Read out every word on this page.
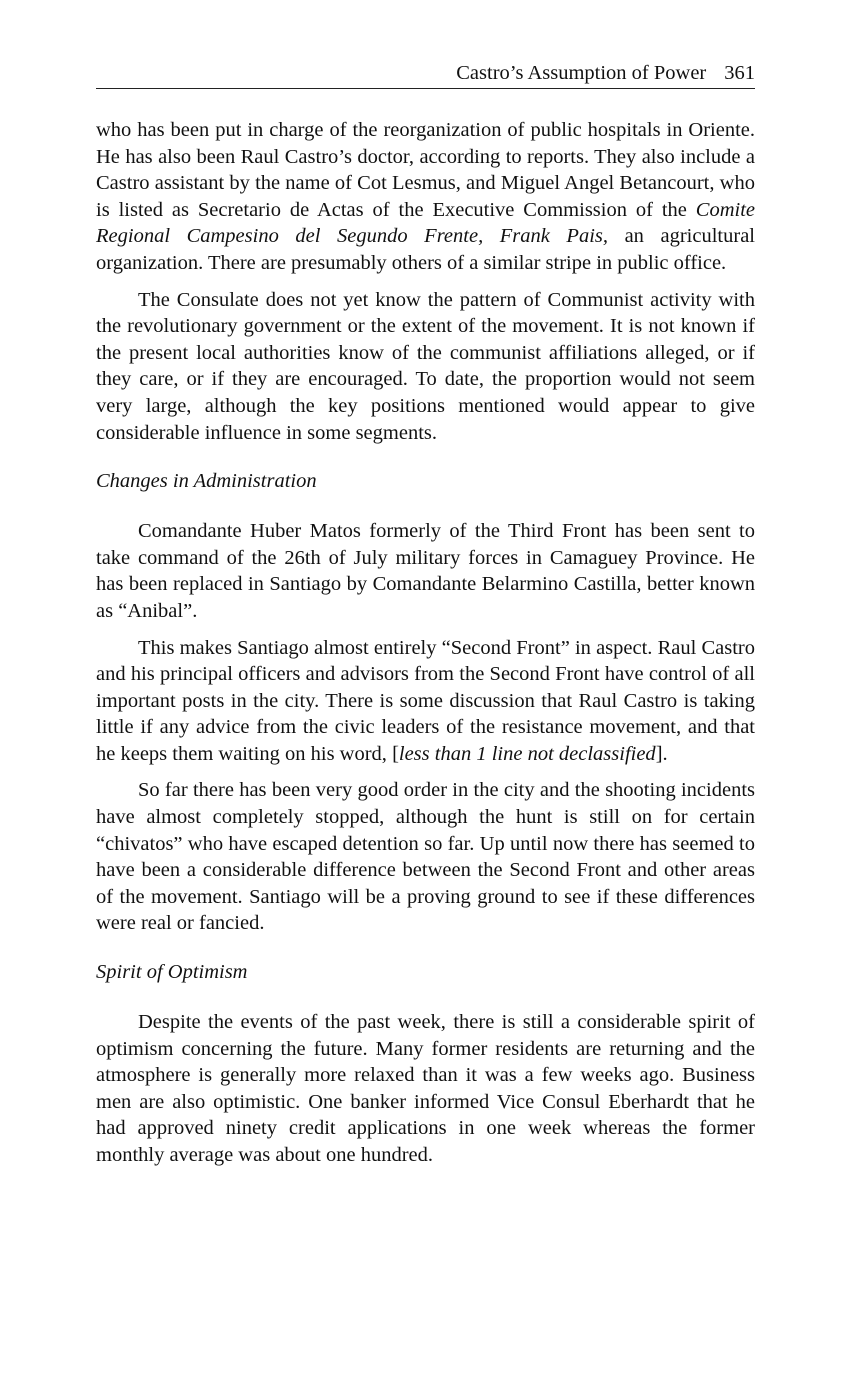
Castro’s Assumption of Power 361

who has been put in charge of the reorganization of public hospitals in Oriente. He has also been Raul Castro’s doctor, according to reports. They also include a Castro assistant by the name of Cot Lesmus, and Miguel Angel Betancourt, who is listed as Secretario de Actas of the Executive Commission of the Comite Regional Campesino del Segundo Frente, Frank Pais, an agricultural organization. There are presumably others of a similar stripe in public office.

The Consulate does not yet know the pattern of Communist activity with the revolutionary government or the extent of the movement. It is not known if the present local authorities know of the communist affiliations alleged, or if they care, or if they are encouraged. To date, the proportion would not seem very large, although the key positions mentioned would appear to give considerable influence in some segments.

Changes in Administration

Comandante Huber Matos formerly of the Third Front has been sent to take command of the 26th of July military forces in Camaguey Province. He has been replaced in Santiago by Comandante Belarmino Castilla, better known as “Anibal”.

This makes Santiago almost entirely “Second Front” in aspect. Raul Castro and his principal officers and advisors from the Second Front have control of all important posts in the city. There is some discussion that Raul Castro is taking little if any advice from the civic leaders of the resistance movement, and that he keeps them waiting on his word, [less than 1 line not declassified].

So far there has been very good order in the city and the shooting incidents have almost completely stopped, although the hunt is still on for certain “chivatos” who have escaped detention so far. Up until now there has seemed to have been a considerable difference between the Second Front and other areas of the movement. Santiago will be a proving ground to see if these differences were real or fancied.

Spirit of Optimism

Despite the events of the past week, there is still a considerable spirit of optimism concerning the future. Many former residents are returning and the atmosphere is generally more relaxed than it was a few weeks ago. Business men are also optimistic. One banker informed Vice Consul Eberhardt that he had approved ninety credit applications in one week whereas the former monthly average was about one hundred.
